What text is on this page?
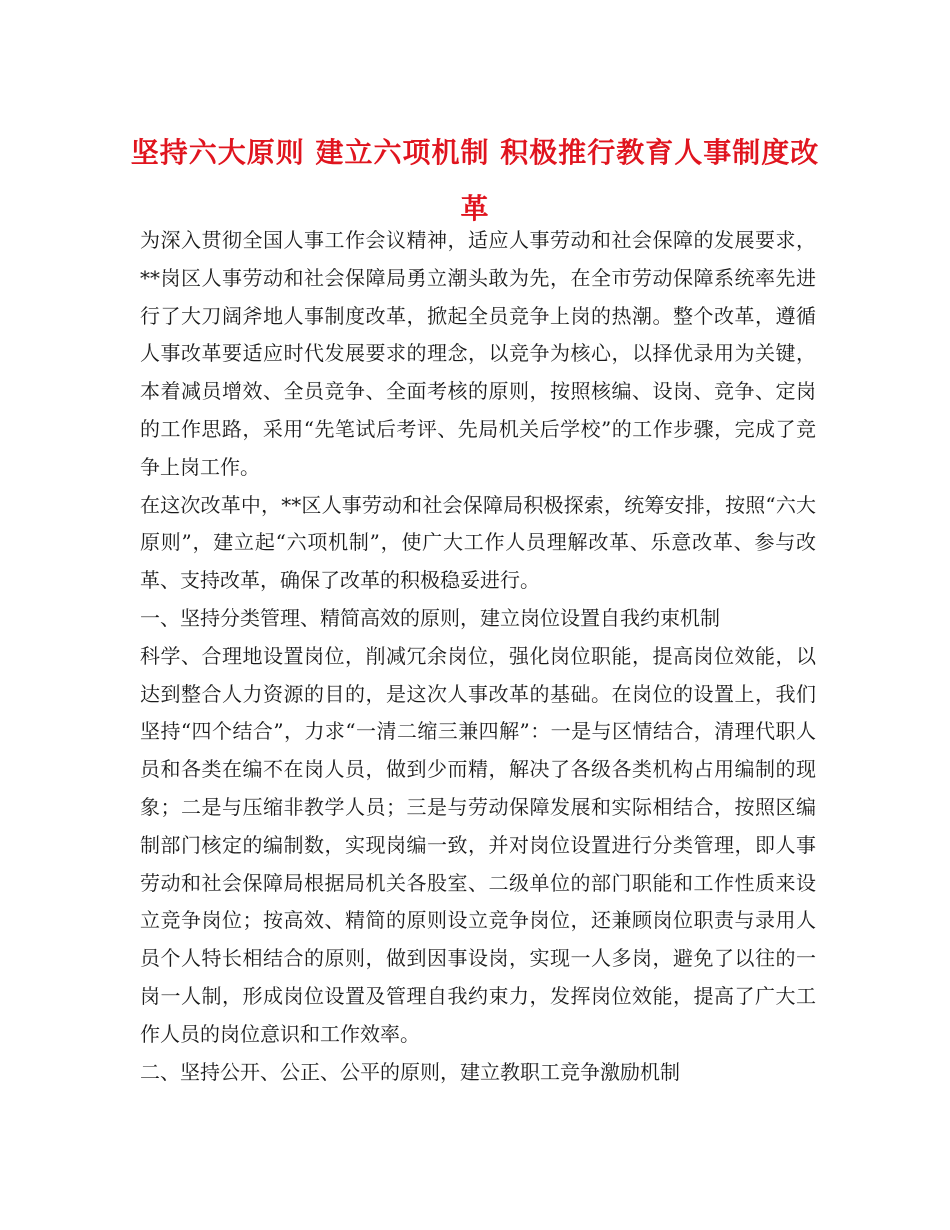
坚持六大原则 建立六项机制 积极推行教育人事制度改革

为深入贯彻全国人事工作会议精神，适应人事劳动和社会保障的发展要求，**岗区人事劳动和社会保障局勇立潮头敢为先，在全市劳动保障系统率先进行了大刀阔斧地人事制度改革，掀起全员竞争上岗的热潮。整个改革，遵循人事改革要适应时代发展要求的理念，以竞争为核心，以择优录用为关键，本着减员增效、全员竞争、全面考核的原则，按照核编、设岗、竞争、定岗的工作思路，采用“先笔试后考评、先局机关后学校”的工作步骤，完成了竞争上岗工作。

在这次改革中，**区人事劳动和社会保障局积极探索，统筹安排，按照“六大原则”，建立起“六项机制”，使广大工作人员理解改革、乐意改革、参与改革、支持改革，确保了改革的积极稳妥进行。

一、坚持分类管理、精简高效的原则，建立岗位设置自我约束机制

科学、合理地设置岗位，削减冗余岗位，强化岗位职能，提高岗位效能，以达到整合人力资源的目的，是这次人事改革的基础。在岗位的设置上，我们坚持“四个结合”，力求“一清二缩三兼四解”：一是与区情结合，清理代职人员和各类在编不在岗人员，做到少而精，解决了各级各类机构占用编制的现象；二是与压缩非教学人员；三是与劳动保障发展和实际相结合，按照区编制部门核定的编制数，实现岗编一致，并对岗位设置进行分类管理，即人事劳动和社会保障局根据局机关各股室、二级单位的部门职能和工作性质来设立竞争岗位；按高效、精简的原则设立竞争岗位，还兼顾岗位职责与录用人员个人特长相结合的原则，做到因事设岗，实现一人多岗，避免了以往的一岗一人制，形成岗位设置及管理自我约束力，发挥岗位效能，提高了广大工作人员的岗位意识和工作效率。

二、坚持公开、公正、公平的原则，建立教职工竞争激励机制
